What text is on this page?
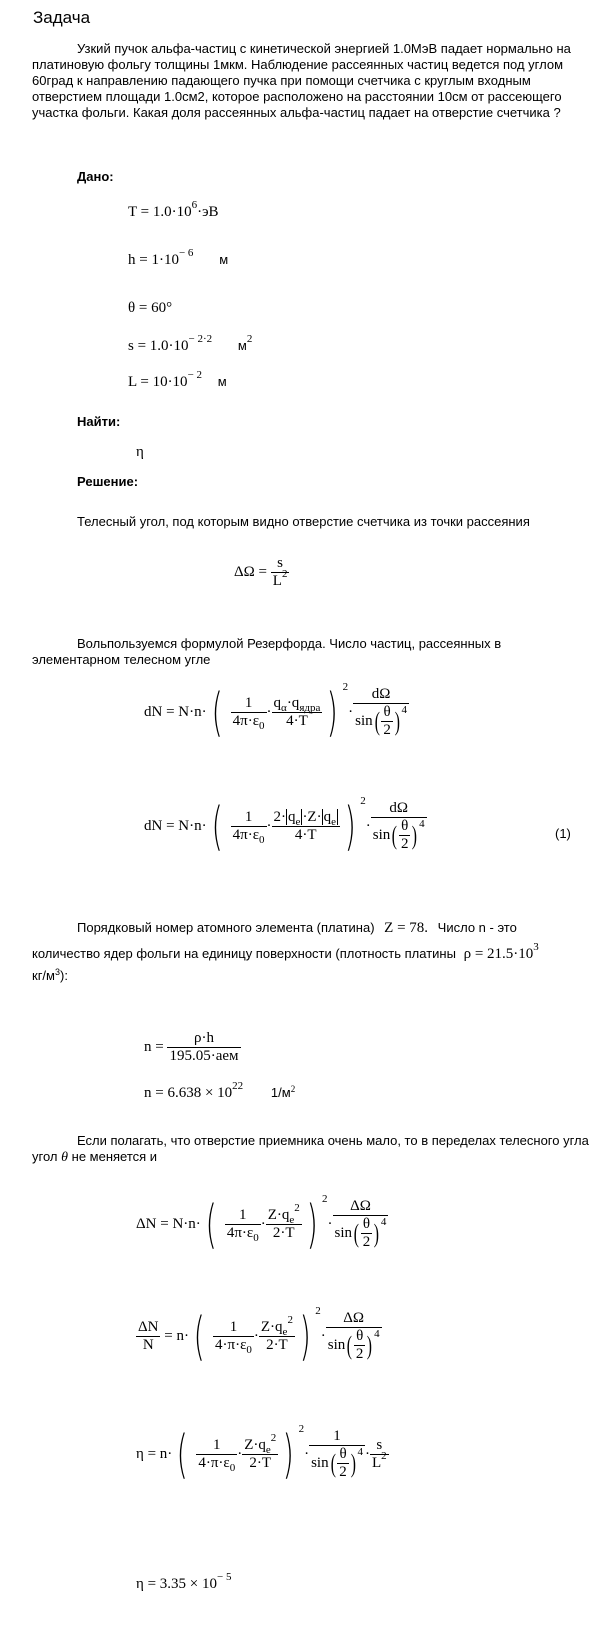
Задача
Узкий пучок альфа-частиц с кинетической энергией 1.0МэВ падает нормально на платиновую фольгу толщины 1мкм. Наблюдение рассеянных частиц ведется под углом 60град к направлению падающего пучка при помощи счетчика с круглым входным отверстием площади 1.0см2, которое расположено на расстоянии 10см от рассеющего участка фольги. Какая доля рассеянных альфа-частиц падает на отверстие счетчика ?
Дано:
$T = 1.0\cdot 10^6\cdot эВ$
$h = 1\cdot 10^{- 6}$ м
θ = 60°
$s = 1.0\cdot 10^{- 2\cdot 2}$ $м^2$
$L = 10\cdot 10^{- 2}$ м
Найти:
η
Решение:
Телесный угол, под которым видно отверстие счетчика из точки рассеяния
$\Delta\Omega = \frac{s}{L^2}$
Вольпользуемся формулой Резерфорда. Число частиц, рассеянных в элементарном телесном угле
dN = $N\cdot n\cdot( \frac{1}{4\pi\cdot\varepsilon_0} \cdot \frac{q_\alpha\cdot q_{ядра}}{4\cdot T}$ ) $^2\cdot \frac{d\Omega}{\sin( \frac{\theta}{2} ) ^4}$
dN = $N\cdot n\cdot( \frac{1}{4\pi\cdot\varepsilon_0} \cdot \frac{2\cdot q_e \cdot Z\cdot q_e}{4\cdot T}$ ) $^2\cdot \frac{d\Omega}{\sin( \frac{\theta}{2} ) ^4}$	(1)
Порядковый номер атомного элемента (платина) Z = 78. Число n - это
количество ядер фольги на единицу поверхности (плотность платины $\rho = 21.5\cdot 10^3$
$кг/м^3$):
$n = \frac{\rho\cdot h}{\text{195.05·аем}}$
$n = 6.638 \times 10^{22}$ $1/м^2$
Если полагать, что отверстие приемника очень мало, то в переделах телесного угла угол θ не меняется и
$\Delta N = N\cdot n\cdot( \frac{1}{4\pi\cdot\varepsilon_0} \cdot \frac{Z\cdot q_e^2}{2\cdot T}$ ) $^2\cdot \frac{\Delta\Omega}{\sin( \frac{\theta}{2} ) ^4}$
$\frac{\Delta N}{N} = n\cdot( \frac{1}{4\cdot\pi\cdot\varepsilon_0} \cdot \frac{Z\cdot q_e^2}{2\cdot T}$ ) $^2\cdot \frac{\Delta\Omega}{\sin( \frac{\theta}{2} ) ^4}$
$\eta = n\cdot( \frac{1}{4\cdot\pi\cdot\varepsilon_0} \cdot \frac{Z\cdot q_e^2}{2\cdot T}$ ) $^2\cdot \frac{1}{\sin( \frac{\theta}{2} ) ^4} \cdot \frac{s}{L^2}$
$\eta = 3.35 \times 10^{- 5}$
